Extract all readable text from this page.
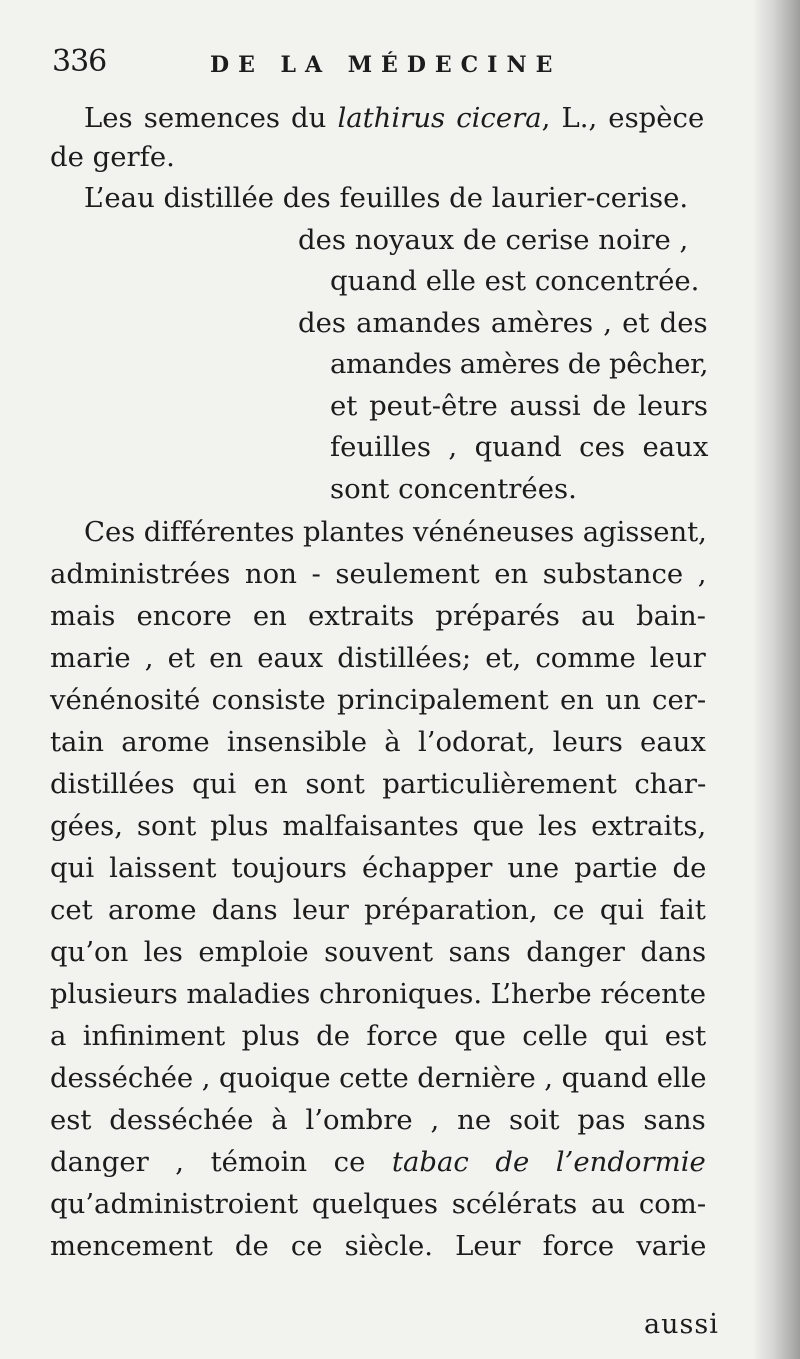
336	DE LA MÉDECINE
Les semences du lathirus cicera, L., espèce
de gerfe.
L’eau distillée des feuilles de laurier-cerise.
des noyaux de cerise noire ,
quand elle est concentrée.
des amandes amères , et des
amandes amères de pêcher,
et peut-être aussi de leurs
feuilles , quand ces eaux
sont concentrées.
Ces différentes plantes vénéneuses agissent,
administrées non - seulement en substance ,
mais encore en extraits préparés au bain-
marie , et en eaux distillées; et, comme leur
vénénosité consiste principalement en un cer-
tain arome insensible à l’odorat, leurs eaux
distillées qui en sont particulièrement char-
gées, sont plus malfaisantes que les extraits,
qui laissent toujours échapper une partie de
cet arome dans leur préparation, ce qui fait
qu’on les emploie souvent sans danger dans
plusieurs maladies chroniques. L’herbe récente
a infiniment plus de force que celle qui est
desséchée , quoique cette dernière , quand elle
est desséchée à l’ombre , ne soit pas sans
danger , témoin ce tabac de l’endormie
qu’administroient quelques scélérats au com-
mencement de ce siècle. Leur force varie
aussi
